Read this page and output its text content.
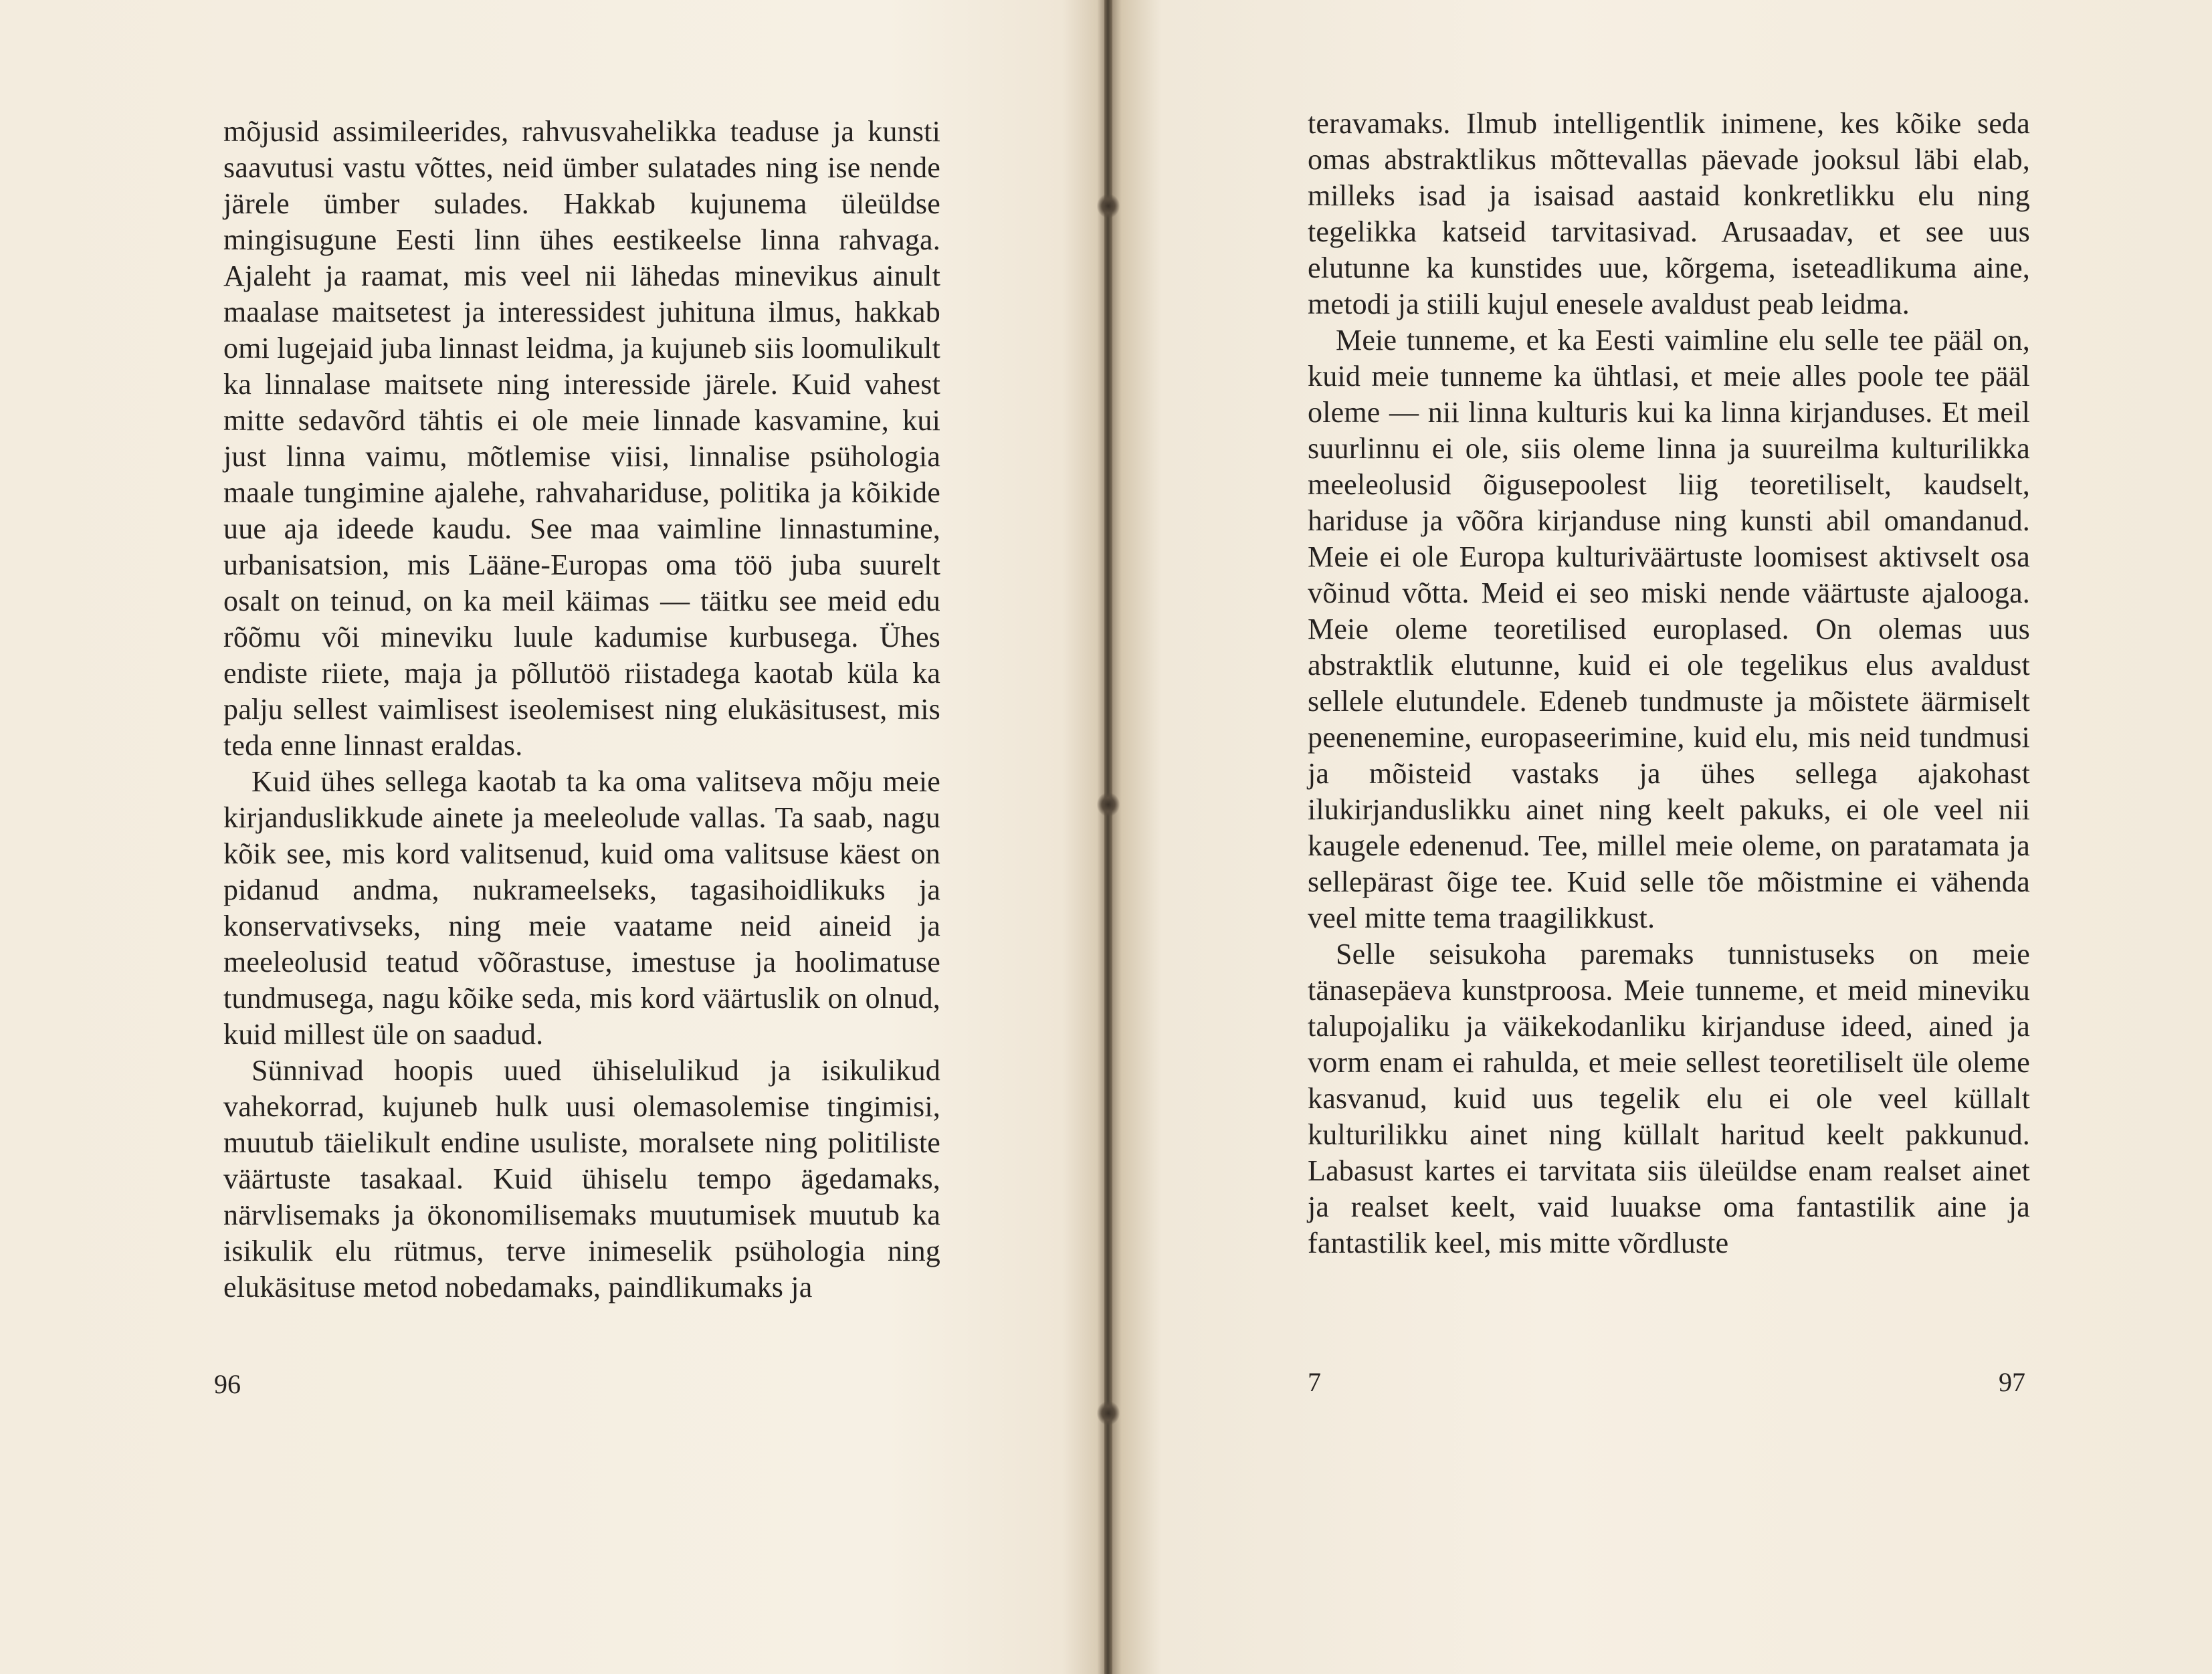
mõjusid assimileerides, rahvusvahelikka teaduse ja kunsti saavutusi vastu võttes, neid ümber sulatades ning ise nende järele ümber sulades. Hakkab kujunema üleüldse mingisugune Eesti linn ühes eestikeelse linna rahvaga. Ajaleht ja raamat, mis veel nii lähedas minevikus ainult maalase maitsetest ja interessidest juhituna ilmus, hakkab omi lugejaid juba linnast leidma, ja kujuneb siis loomulikult ka linnalase maitsete ning interesside järele. Kuid vahest mitte sedavõrd tähtis ei ole meie linnade kasvamine, kui just linna vaimu, mõtlemise viisi, linnalise psühologia maale tungimine ajalehe, rahvahariduse, politika ja kõikide uue aja ideede kaudu. See maa vaimline linnastumine, urbanisatsion, mis Lääne-Europas oma töö juba suurelt osalt on teinud, on ka meil käimas — täitku see meid edu rõõmu või mineviku luule kadumise kurbusega. Ühes endiste riiete, maja ja põllutöö riistadega kaotab küla ka palju sellest vaimlisest iseolemisest ning elukäsitusest, mis teda enne linnast eraldas.

Kuid ühes sellega kaotab ta ka oma valitseva mõju meie kirjanduslikkude ainete ja meeleolude vallas. Ta saab, nagu kõik see, mis kord valitsenud, kuid oma valitsuse käest on pidanud andma, nukrameelseks, tagasihoidlikuks ja konservativseks, ning meie vaatame neid aineid ja meeleolusid teatud võõrastuse, imestuse ja hoolimatuse tundmusega, nagu kõike seda, mis kord väärtuslik on olnud, kuid millest üle on saadud.

Sünnivad hoopis uued ühiselulikud ja isikulikud vahekorrad, kujuneb hulk uusi olemasolemise tingimisi, muutub täielikult endine usuliste, moralsete ning politiliste väärtuste tasakaal. Kuid ühiselu tempo ägedamaks, närvlisemaks ja ökonomilisemaks muutumisek muutub ka isikulik elu rütmus, terve inimeselik psühologia ning elukäsituse metod nobedamaks, paindlikumaks ja

96

teravamaks. Ilmub intelligentlik inimene, kes kõike seda omas abstraktlikus mõttevallas päevade jooksul läbi elab, milleks isad ja isaisad aastaid konkretlikku elu ning tegelikka katseid tarvitasivad. Arusaadav, et see uus elutunne ka kunstides uue, kõrgema, iseteadlikuma aine, metodi ja stiili kujul enesele avaldust peab leidma.

Meie tunneme, et ka Eesti vaimline elu selle tee pääl on, kuid meie tunneme ka ühtlasi, et meie alles poole tee pääl oleme — nii linna kulturis kui ka linna kirjanduses. Et meil suurlinnu ei ole, siis oleme linna ja suureilma kulturilikka meeleolusid õigusepoolest liig teoretiliselt, kaudselt, hariduse ja võõra kirjanduse ning kunsti abil omandanud. Meie ei ole Europa kulturiväärtuste loomisest aktivselt osa võinud võtta. Meid ei seo miski nende väärtuste ajalooga. Meie oleme teoretilised europlased. On olemas uus abstraktlik elutunne, kuid ei ole tegelikus elus avaldust sellele elutundele. Edeneb tundmuste ja mõistete äärmiselt peenenemine, europaseerimine, kuid elu, mis neid tundmusi ja mõisteid vastaks ja ühes sellega ajakohast ilukirjanduslikku ainet ning keelt pakuks, ei ole veel nii kaugele edenenud. Tee, millel meie oleme, on paratamata ja sellepärast õige tee. Kuid selle tõe mõistmine ei vähenda veel mitte tema traagilikkust.

Selle seisukoha paremaks tunnistuseks on meie tänasepäeva kunstproosa. Meie tunneme, et meid mineviku talupojaliku ja väikekodanliku kirjanduse ideed, ained ja vorm enam ei rahulda, et meie sellest teoretiliselt üle oleme kasvanud, kuid uus tegelik elu ei ole veel küllalt kulturilikku ainet ning küllalt haritud keelt pakkunud. Labasust kartes ei tarvitata siis üleüldse enam realset ainet ja realset keelt, vaid luuakse oma fantastilik aine ja fantastilik keel, mis mitte võrdluste

7	97
